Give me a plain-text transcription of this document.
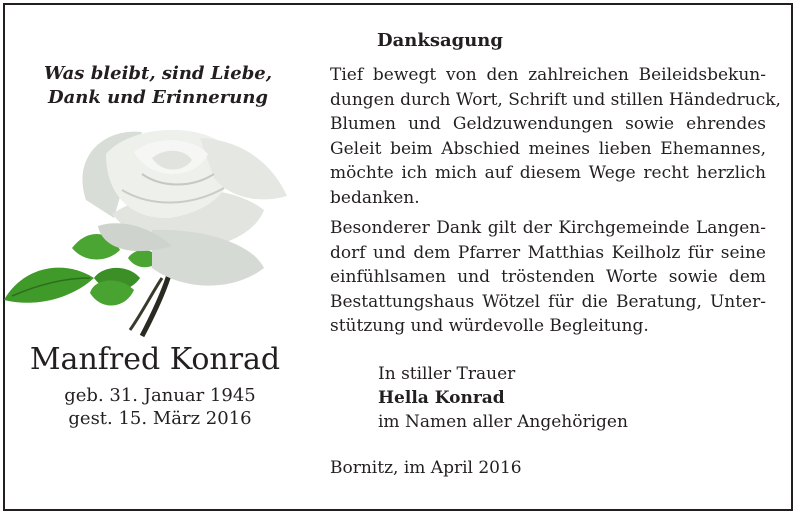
Was bleibt, sind Liebe,
Dank und Erinnerung
Manfred Konrad
geb. 31. Januar 1945
gest. 15. März 2016
Danksagung
Tief bewegt von den zahlreichen Beileidsbekun-
dungen durch Wort, Schrift und stillen Händedruck,
Blumen und Geldzuwendungen sowie ehrendes
Geleit beim Abschied meines lieben Ehemannes,
möchte ich mich auf diesem Wege recht herzlich
bedanken.
Besonderer Dank gilt der Kirchgemeinde Langen-
dorf und dem Pfarrer Matthias Keilholz für seine
einfühlsamen und tröstenden Worte sowie dem
Bestattungshaus Wötzel für die Beratung, Unter-
stützung und würdevolle Begleitung.
In stiller Trauer
Hella Konrad
im Namen aller Angehörigen
Bornitz, im April 2016
